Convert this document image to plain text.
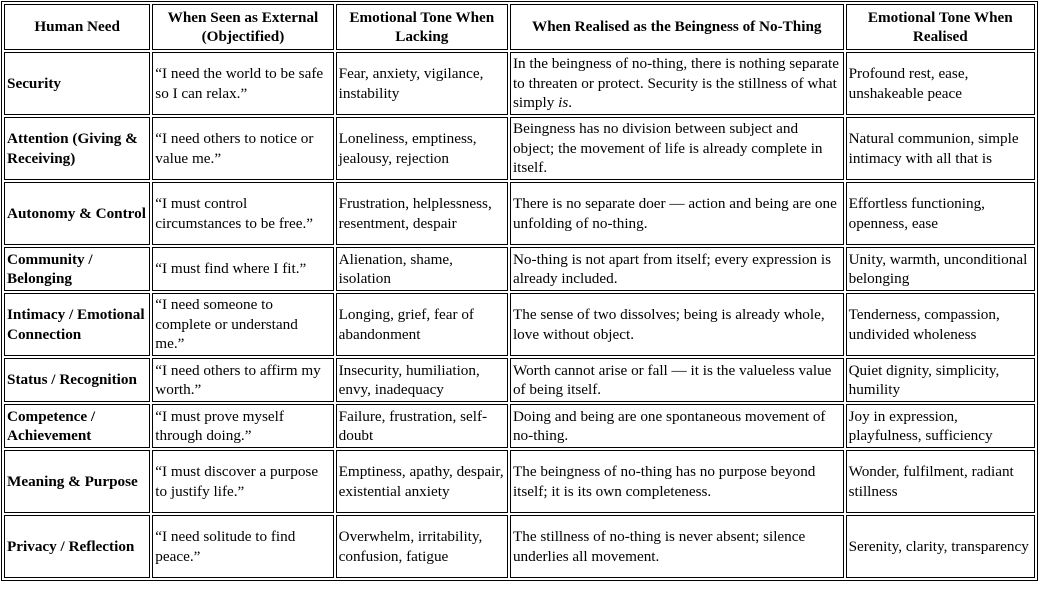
Human Need	When Seen as External (Objectified)	Emotional Tone When Lacking	When Realised as the Beingness of No-Thing	Emotional Tone When Realised
Security	“I need the world to be safe so I can relax.”	Fear, anxiety, vigilance, instability	In the beingness of no-thing, there is nothing separate to threaten or protect. Security is the stillness of what simply is.	Profound rest, ease, unshakeable peace
Attention (Giving & Receiving)	“I need others to notice or value me.”	Loneliness, emptiness, jealousy, rejection	Beingness has no division between subject and object; the movement of life is already complete in itself.	Natural communion, simple intimacy with all that is
Autonomy & Control	“I must control circumstances to be free.”	Frustration, helplessness, resentment, despair	There is no separate doer — action and being are one unfolding of no-thing.	Effortless functioning, openness, ease
Community / Belonging	“I must find where I fit.”	Alienation, shame, isolation	No-thing is not apart from itself; every expression is already included.	Unity, warmth, unconditional belonging
Intimacy / Emotional Connection	“I need someone to complete or understand me.”	Longing, grief, fear of abandonment	The sense of two dissolves; being is already whole, love without object.	Tenderness, compassion, undivided wholeness
Status / Recognition	“I need others to affirm my worth.”	Insecurity, humiliation, envy, inadequacy	Worth cannot arise or fall — it is the valueless value of being itself.	Quiet dignity, simplicity, humility
Competence / Achievement	“I must prove myself through doing.”	Failure, frustration, self-doubt	Doing and being are one spontaneous movement of no-thing.	Joy in expression, playfulness, sufficiency
Meaning & Purpose	“I must discover a purpose to justify life.”	Emptiness, apathy, despair, existential anxiety	The beingness of no-thing has no purpose beyond itself; it is its own completeness.	Wonder, fulfilment, radiant stillness
Privacy / Reflection	“I need solitude to find peace.”	Overwhelm, irritability, confusion, fatigue	The stillness of no-thing is never absent; silence underlies all movement.	Serenity, clarity, transparency
